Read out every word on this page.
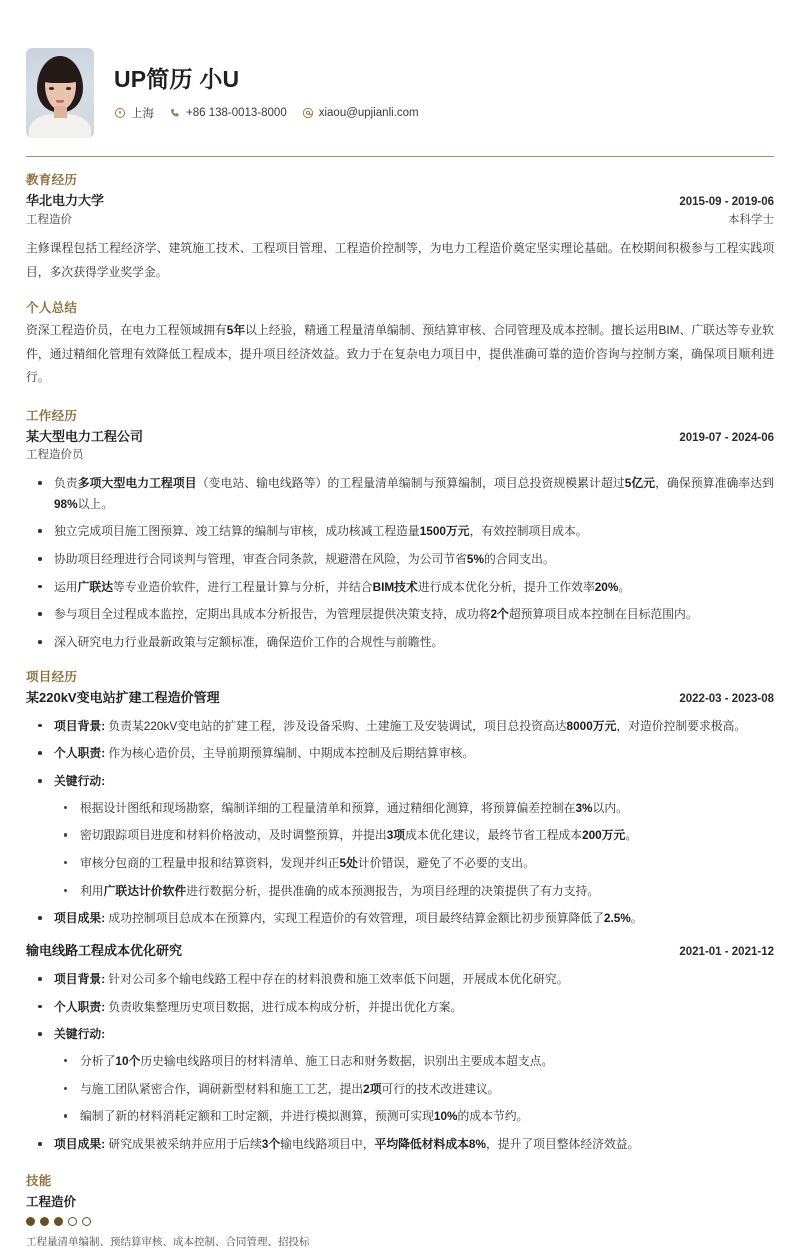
UP简历 小U
上海	+86 138-0013-8000	xiaou@upjianli.com
教育经历
华北电力大学	2015-09 - 2019-06
工程造价	本科学士
主修课程包括工程经济学、建筑施工技术、工程项目管理、工程造价控制等，为电力工程造价奠定坚实理论基础。在校期间积极参与工程实践项目，多次获得学业奖学金。
个人总结
资深工程造价员，在电力工程领域拥有5年以上经验，精通工程量清单编制、预结算审核、合同管理及成本控制。擅长运用BIM、广联达等专业软件，通过精细化管理有效降低工程成本，提升项目经济效益。致力于在复杂电力项目中，提供准确可靠的造价咨询与控制方案，确保项目顺利进行。
工作经历
某大型电力工程公司	2019-07 - 2024-06
工程造价员
负责多项大型电力工程项目（变电站、输电线路等）的工程量清单编制与预算编制，项目总投资规模累计超过5亿元，确保预算准确率达到98%以上。
独立完成项目施工图预算、竣工结算的编制与审核，成功核减工程造量1500万元，有效控制项目成本。
协助项目经理进行合同谈判与管理，审查合同条款，规避潜在风险，为公司节省5%的合同支出。
运用广联达等专业造价软件，进行工程量计算与分析，并结合BIM技术进行成本优化分析，提升工作效率20%。
参与项目全过程成本监控，定期出具成本分析报告，为管理层提供决策支持，成功将2个超预算项目成本控制在目标范围内。
深入研究电力行业最新政策与定额标准，确保造价工作的合规性与前瞻性。
项目经历
某220kV变电站扩建工程造价管理	2022-03 - 2023-08
项目背景: 负责某220kV变电站的扩建工程，涉及设备采购、土建施工及安装调试，项目总投资高达8000万元，对造价控制要求极高。
个人职责: 作为核心造价员，主导前期预算编制、中期成本控制及后期结算审核。
关键行动:
根据设计图纸和现场勘察，编制详细的工程量清单和预算，通过精细化测算，将预算偏差控制在3%以内。
密切跟踪项目进度和材料价格波动，及时调整预算，并提出3项成本优化建议，最终节省工程成本200万元。
审核分包商的工程量申报和结算资料，发现并纠正5处计价错误，避免了不必要的支出。
利用广联达计价软件进行数据分析，提供准确的成本预测报告，为项目经理的决策提供了有力支持。
项目成果: 成功控制项目总成本在预算内，实现工程造价的有效管理，项目最终结算金额比初步预算降低了2.5%。
输电线路工程成本优化研究	2021-01 - 2021-12
项目背景: 针对公司多个输电线路工程中存在的材料浪费和施工效率低下问题，开展成本优化研究。
个人职责: 负责收集整理历史项目数据，进行成本构成分析，并提出优化方案。
关键行动:
分析了10个历史输电线路项目的材料清单、施工日志和财务数据，识别出主要成本超支点。
与施工团队紧密合作，调研新型材料和施工工艺，提出2项可行的技术改进建议。
编制了新的材料消耗定额和工时定额，并进行模拟测算，预测可实现10%的成本节约。
项目成果: 研究成果被采纳并应用于后续3个输电线路项目中，平均降低材料成本8%，提升了项目整体经济效益。
技能
工程造价
工程量清单编制、预结算审核、成本控制、合同管理、招投标
